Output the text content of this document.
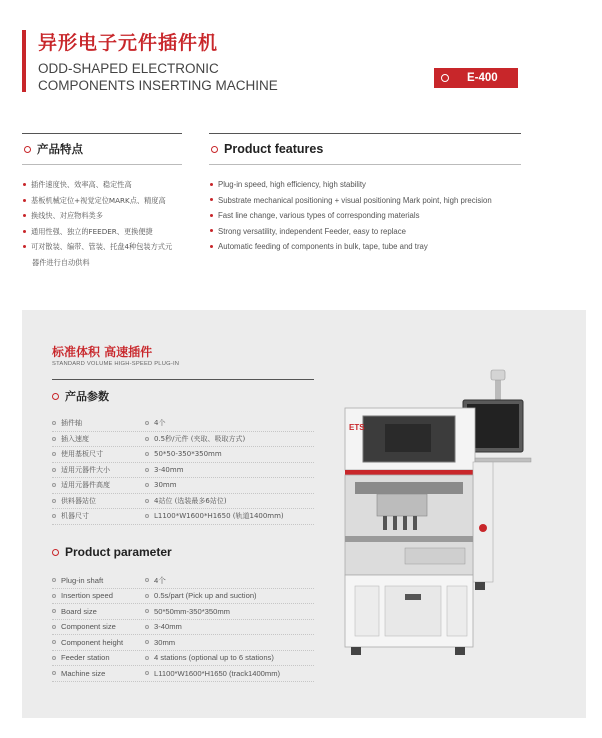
异形电子元件插件机
ODD-SHAPED ELECTRONIC
COMPONENTS INSERTING MACHINE	E-400
产品特点
插件速度快、效率高、稳定性高
基板机械定位+视觉定位MARK点、精度高
换线快、对应物料类多
通用性强、独立的FEEDER、更换便捷
可对散装、编带、管装、托盘4种包装方式元
器件进行自动供料
Product features
Plug-in speed, high efficiency, high stability
Substrate mechanical positioning + visual positioning Mark point, high precision
Fast line change, various types of corresponding materials
Strong versatility, independent Feeder, easy to replace
Automatic feeding of components in bulk, tape, tube and tray
标准体积 高速插件
STANDARD VOLUME HIGH-SPEED PLUG-IN
产品参数
插件轴	4个
插入速度	0.5秒/元件 (夹取、吸取方式)
使用基板尺寸	50*50-350*350mm
适用元器件大小	3-40mm
适用元器件高度	30mm
供料器站位	4站位 (选装最多6站位)
机器尺寸	L1100*W1600*H1650 (轨道1400mm)
Product parameter
Plug-in shaft	4个
Insertion speed	0.5s/part (Pick up and suction)
Board size	50*50mm-350*350mm
Component size	3-40mm
Component height	30mm
Feeder station	4 stations (optional up to 6 stations)
Machine size	L1100*W1600*H1650 (track1400mm)
ETS
